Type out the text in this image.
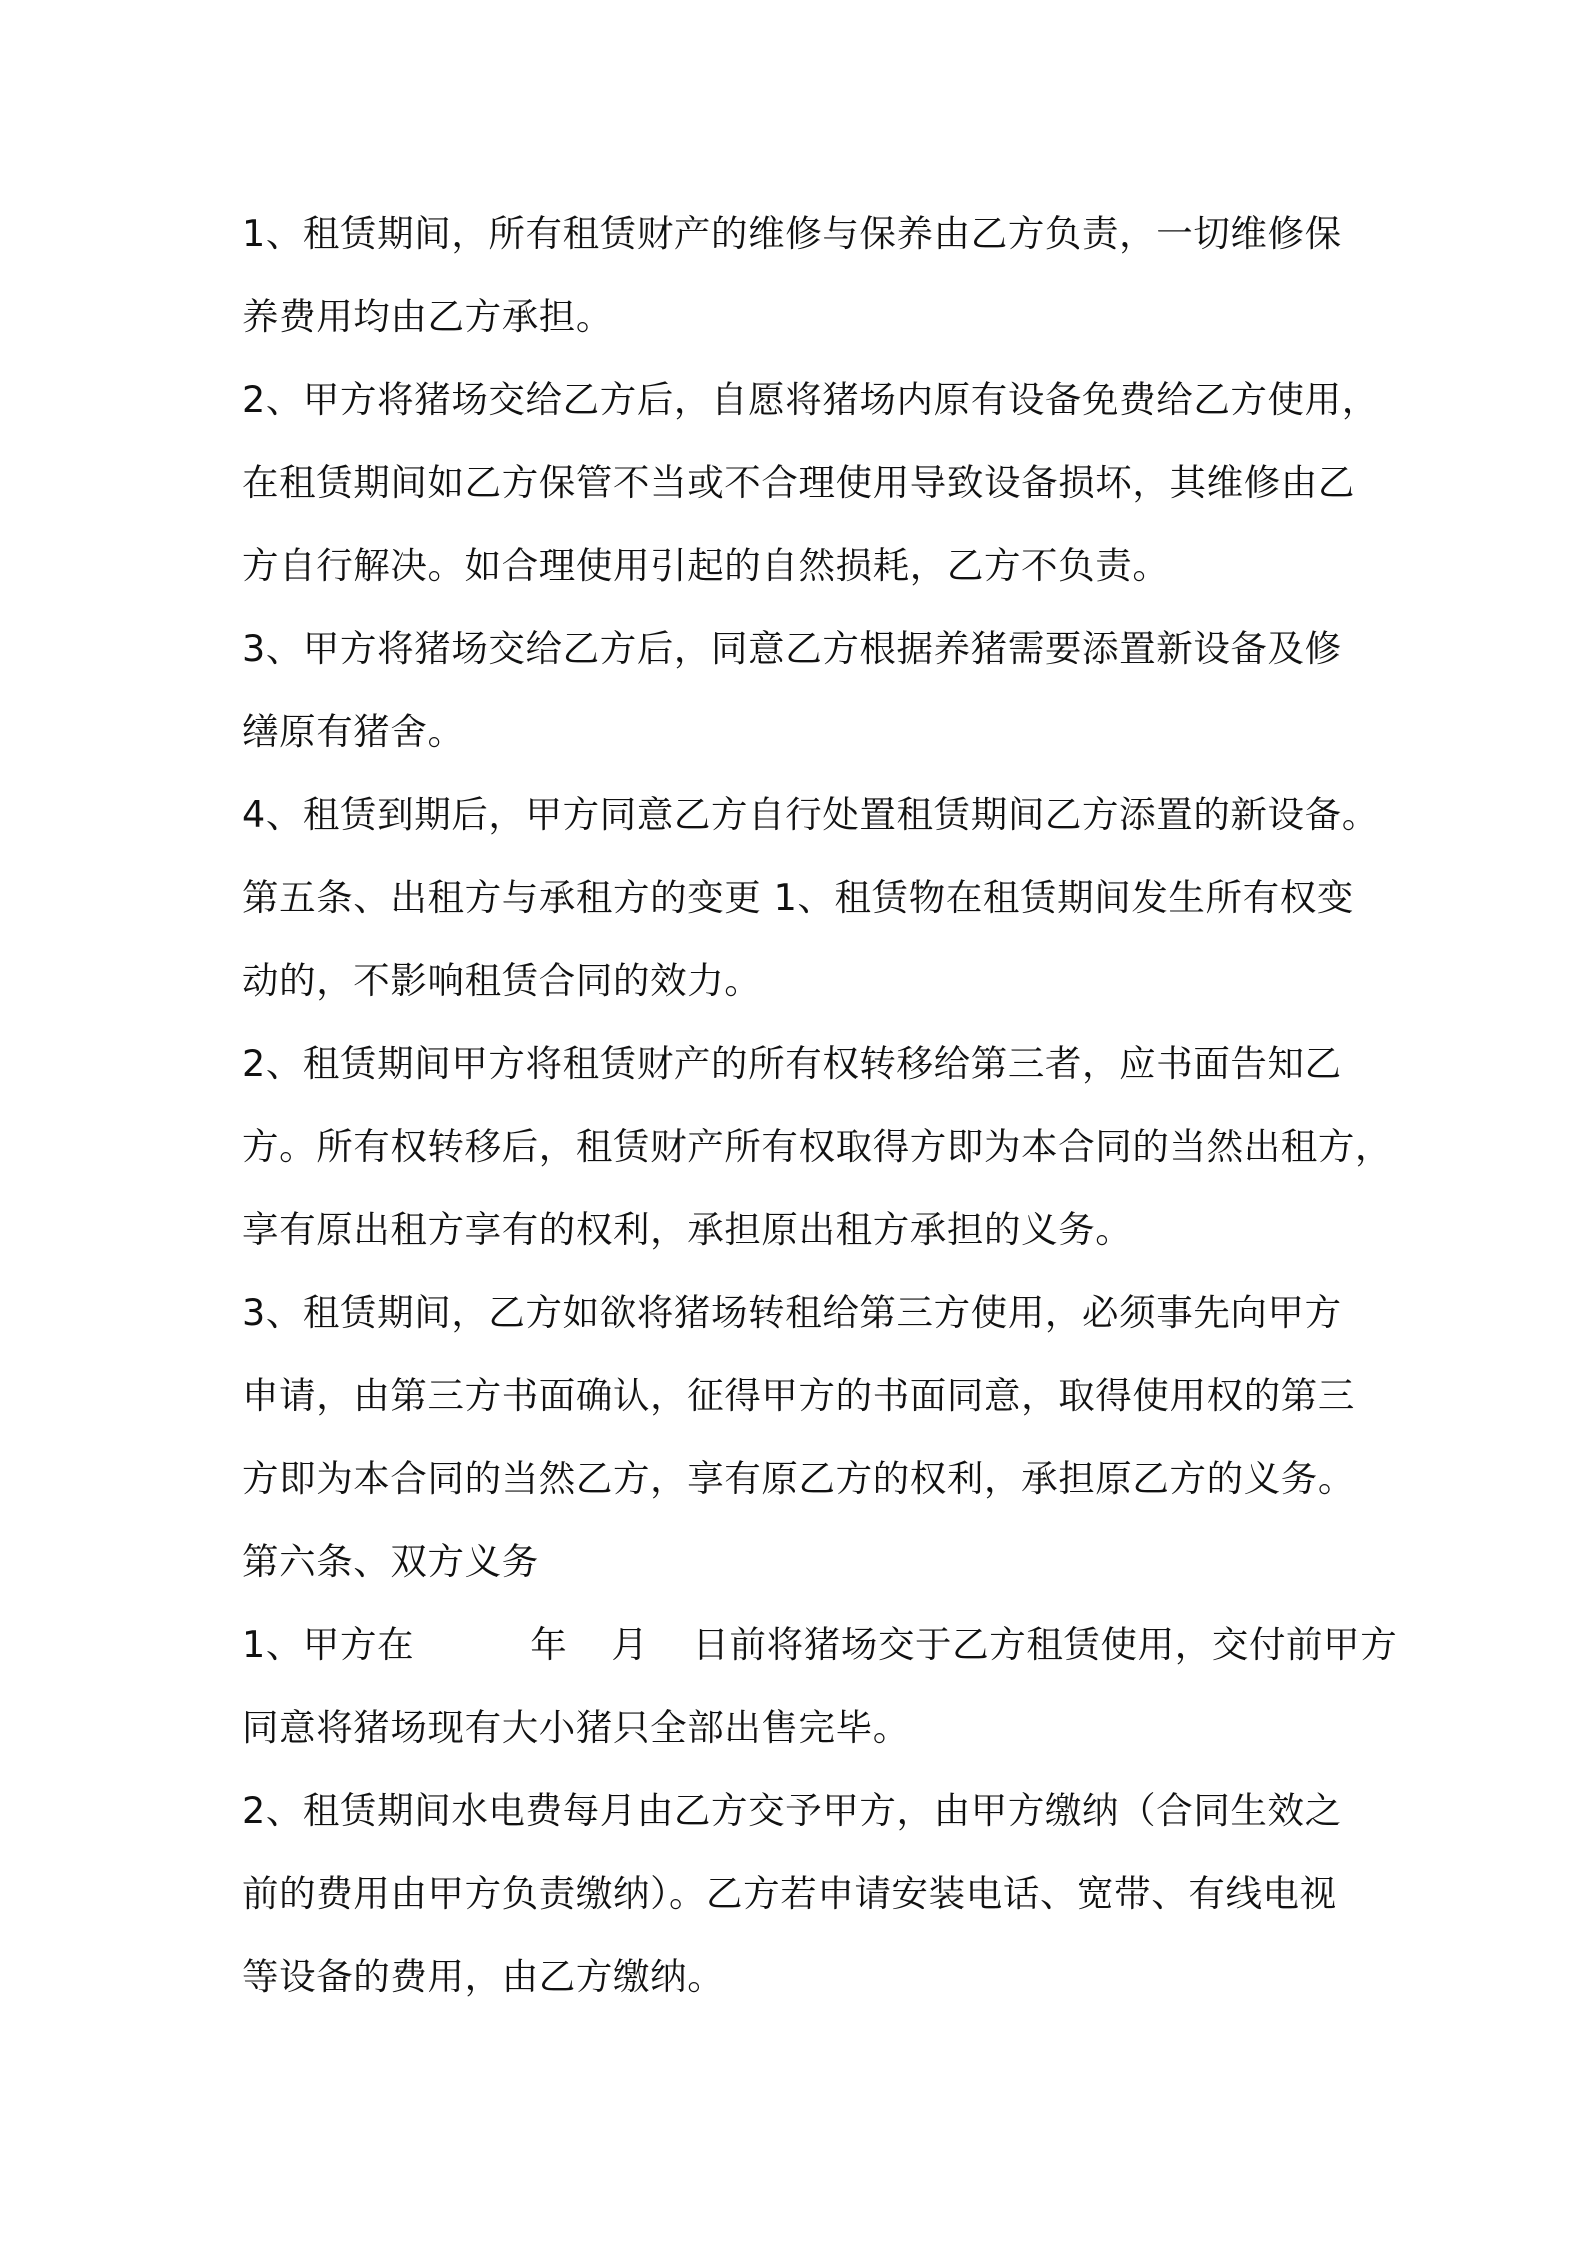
1、租赁期间，所有租赁财产的维修与保养由乙方负责，一切维修保
养费用均由乙方承担。

2、甲方将猪场交给乙方后，自愿将猪场内原有设备免费给乙方使用，
在租赁期间如乙方保管不当或不合理使用导致设备损坏，其维修由乙
方自行解决。如合理使用引起的自然损耗，乙方不负责。

3、甲方将猪场交给乙方后，同意乙方根据养猪需要添置新设备及修
缮原有猪舍。

4、租赁到期后，甲方同意乙方自行处置租赁期间乙方添置的新设备。

第五条、出租方与承租方的变更 1、租赁物在租赁期间发生所有权变
动的，不影响租赁合同的效力。

2、租赁期间甲方将租赁财产的所有权转移给第三者，应书面告知乙
方。所有权转移后，租赁财产所有权取得方即为本合同的当然出租方，
享有原出租方享有的权利，承担原出租方承担的义务。

3、租赁期间，乙方如欲将猪场转租给第三方使用，必须事先向甲方
申请，由第三方书面确认，征得甲方的书面同意，取得使用权的第三
方即为本合同的当然乙方，享有原乙方的权利，承担原乙方的义务。

第六条、双方义务

1、甲方在	年 月 日前将猪场交于乙方租赁使用，交付前甲方
同意将猪场现有大小猪只全部出售完毕。

2、租赁期间水电费每月由乙方交予甲方，由甲方缴纳（合同生效之
前的费用由甲方负责缴纳）。乙方若申请安装电话、宽带、有线电视
等设备的费用，由乙方缴纳。
